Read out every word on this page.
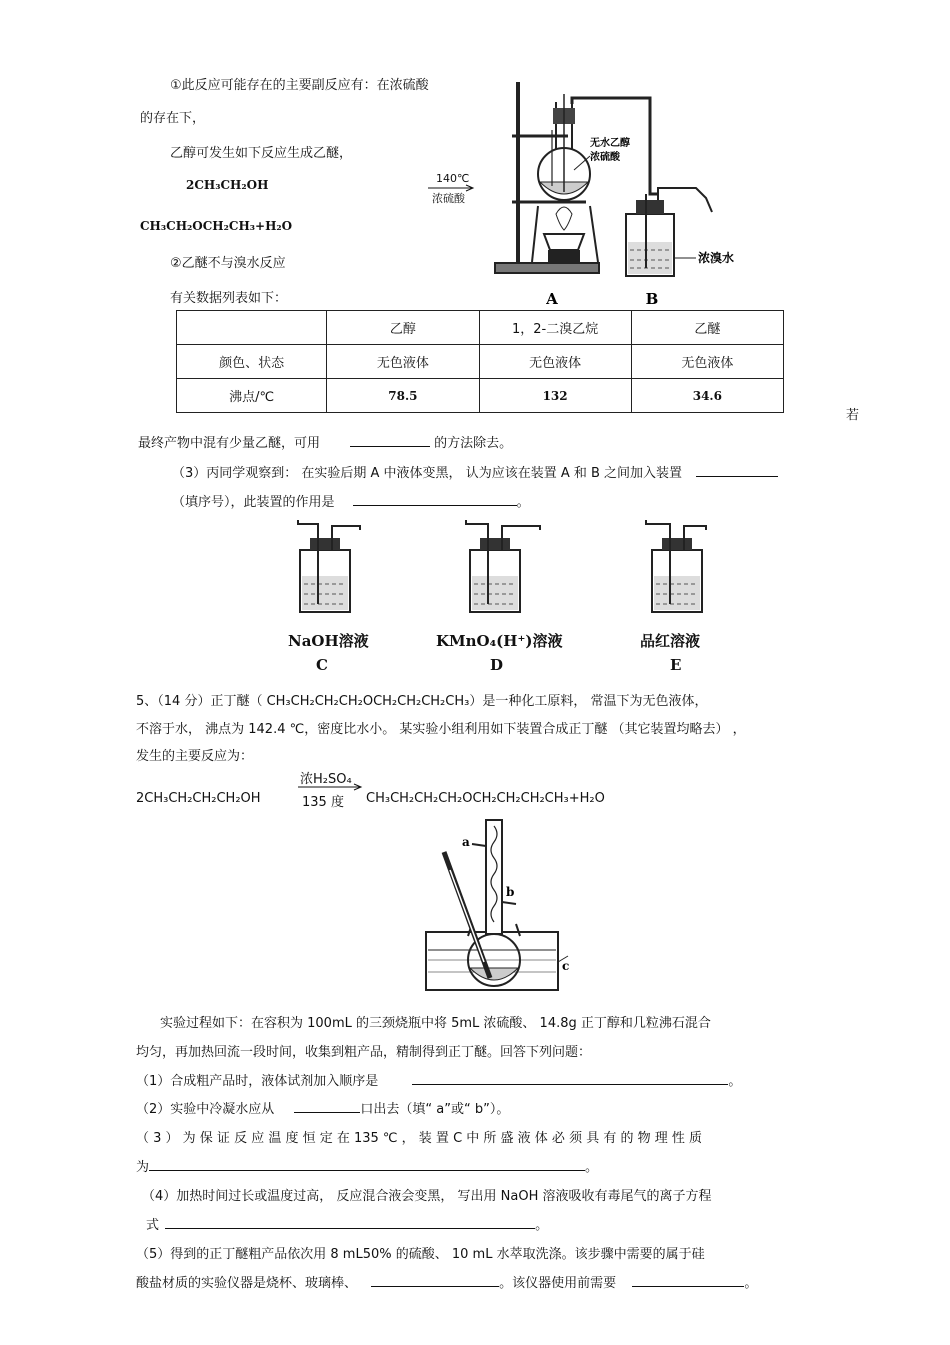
①此反应可能存在的主要副反应有：在浓硫酸
的存在下，
乙醇可发生如下反应生成乙醚，
2CH₃CH₂OH	140℃
浓硫酸
CH₃CH₂OCH₂CH₃+H₂O
②乙醚不与溴水反应
有关数据列表如下：
无水乙醇
浓硫酸
浓溴水
A	B
	乙醇	1，2-二溴乙烷	乙醚
颜色、状态	无色液体	无色液体	无色液体
沸点/℃	78.5	132	34.6
若
最终产物中混有少量乙醚，可用	的方法除去。
（3）丙同学观察到： 在实验后期 A 中液体变黑， 认为应该在装置 A 和 B 之间加入装置
（填序号），此装置的作用是	。
NaOH溶液
C
KMnO₄(H⁺)溶液
D
品红溶液
E
5、（14 分）正丁醚（ CH₃CH₂CH₂CH₂OCH₂CH₂CH₂CH₃）是一种化工原料， 常温下为无色液体，
不溶于水， 沸点为 142.4 ℃，密度比水小。 某实验小组利用如下装置合成正丁醚 （其它装置均略去） ，
发生的主要反应为：
浓H₂SO₄
2CH₃CH₂CH₂CH₂OH	135 度 CH₃CH₂CH₂CH₂OCH₂CH₂CH₂CH₃+H₂O
a
b
c
实验过程如下：在容积为 100mL 的三颈烧瓶中将 5mL 浓硫酸、 14.8g 正丁醇和几粒沸石混合
均匀，再加热回流一段时间，收集到粗产品，精制得到正丁醚。回答下列问题：
（1）合成粗产品时，液体试剂加入顺序是	。
（2）实验中冷凝水应从	口出去（填“ a”或“ b”）。
（ 3 ） 为 保 证 反 应 温 度 恒 定 在 135 ℃ ， 装 置 C 中 所 盛 液 体 必 须 具 有 的 物 理 性 质
为	。
（4）加热时间过长或温度过高， 反应混合液会变黑， 写出用 NaOH 溶液吸收有毒尾气的离子方程
式	。
（5）得到的正丁醚粗产品依次用 8 mL50% 的硫酸、 10 mL 水萃取洗涤。该步骤中需要的属于硅
酸盐材质的实验仪器是烧杯、玻璃棒、	。该仪器使用前需要	。
